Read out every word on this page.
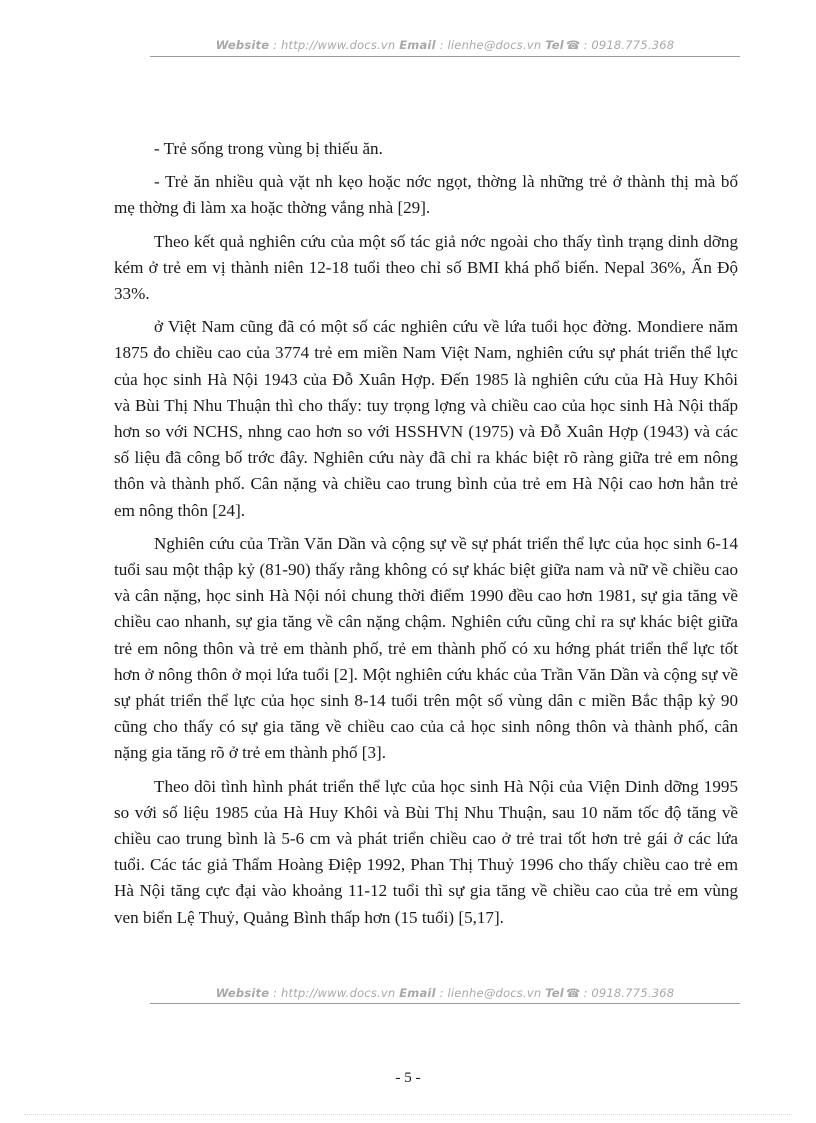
Website : http://www.docs.vn Email : lienhe@docs.vn Tel ☎ : 0918.775.368

- Trẻ sống trong vùng bị thiếu ăn.

- Trẻ ăn nhiều quà vặt nh kẹo hoặc nớc ngọt, thờng là những trẻ ở thành thị mà bố mẹ thờng đi làm xa hoặc thờng vắng nhà [29].

Theo kết quả nghiên cứu của một số tác giả nớc ngoài cho thấy tình trạng dinh dỡng kém ở trẻ em vị thành niên 12-18 tuổi theo chỉ số BMI khá phổ biến. Nepal 36%, Ấn Độ 33%.

ở Việt Nam cũng đã có một số các nghiên cứu về lứa tuổi học đờng. Mondiere năm 1875 đo chiều cao của 3774 trẻ em miền Nam Việt Nam, nghiên cứu sự phát triển thể lực của học sinh Hà Nội 1943 của Đỗ Xuân Hợp. Đến 1985 là nghiên cứu của Hà Huy Khôi và Bùi Thị Nhu Thuận thì cho thấy: tuy trọng lợng và chiều cao của học sinh Hà Nội thấp hơn so với NCHS, nhng cao hơn so với HSSHVN (1975) và Đỗ Xuân Hợp (1943) và các số liệu đã công bố trớc đây. Nghiên cứu này đã chỉ ra khác biệt rõ ràng giữa trẻ em nông thôn và thành phố. Cân nặng và chiều cao trung bình của trẻ em Hà Nội cao hơn hẳn trẻ em nông thôn [24].

Nghiên cứu của Trần Văn Dần và cộng sự về sự phát triển thể lực của học sinh 6-14 tuổi sau một thập kỷ (81-90) thấy rằng không có sự khác biệt giữa nam và nữ về chiều cao và cân nặng, học sinh Hà Nội nói chung thời điểm 1990 đều cao hơn 1981, sự gia tăng về chiều cao nhanh, sự gia tăng về cân nặng chậm. Nghiên cứu cũng chỉ ra sự khác biệt giữa trẻ em nông thôn và trẻ em thành phố, trẻ em thành phố có xu hớng phát triển thể lực tốt hơn ở nông thôn ở mọi lứa tuổi [2]. Một nghiên cứu khác của Trần Văn Dần và cộng sự về sự phát triển thể lực của học sinh 8-14 tuổi trên một số vùng dân c miền Bắc thập kỷ 90 cũng cho thấy có sự gia tăng về chiều cao của cả học sinh nông thôn và thành phố, cân nặng gia tăng rõ ở trẻ em thành phố [3].

Theo dõi tình hình phát triển thể lực của học sinh Hà Nội của Viện Dinh dỡng 1995 so với số liệu 1985 của Hà Huy Khôi và Bùi Thị Nhu Thuận, sau 10 năm tốc độ tăng về chiều cao trung bình là 5-6 cm và phát triển chiều cao ở trẻ trai tốt hơn trẻ gái ở các lứa tuổi. Các tác giả Thẩm Hoàng Điệp 1992, Phan Thị Thuỷ 1996 cho thấy chiều cao trẻ em Hà Nội tăng cực đại vào khoảng 11-12 tuổi thì sự gia tăng về chiều cao của trẻ em vùng ven biển Lệ Thuỷ, Quảng Bình thấp hơn (15 tuổi) [5,17].

Website : http://www.docs.vn Email : lienhe@docs.vn Tel ☎ : 0918.775.368
- 5 -
